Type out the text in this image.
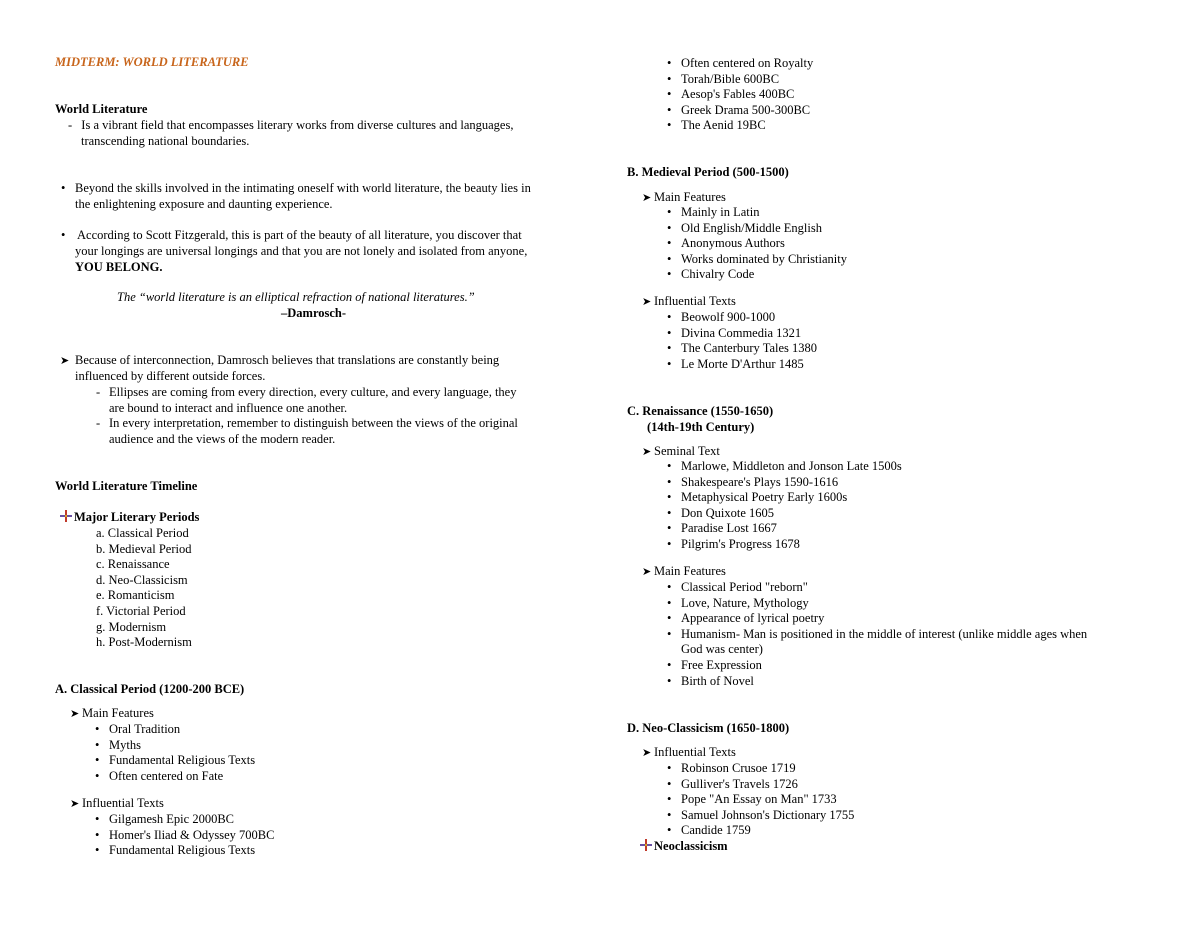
MIDTERM: WORLD LITERATURE
World Literature
- Is a vibrant field that encompasses literary works from diverse cultures and languages,
transcending national boundaries.
• Beyond the skills involved in the intimating oneself with world literature, the beauty lies in
the enlightening exposure and daunting experience.
• According to Scott Fitzgerald, this is part of the beauty of all literature, you discover that
your longings are universal longings and that you are not lonely and isolated from anyone,
YOU BELONG.
The “world literature is an elliptical refraction of national literatures.”
–Damrosch-
➤ Because of interconnection, Damrosch believes that translations are constantly being
influenced by different outside forces.
- Ellipses are coming from every direction, every culture, and every language, they
are bound to interact and influence one another.
- In every interpretation, remember to distinguish between the views of the original
audience and the views of the modern reader.
World Literature Timeline
Major Literary Periods
a. Classical Period
b. Medieval Period
c. Renaissance
d. Neo-Classicism
e. Romanticism
f. Victorial Period
g. Modernism
h. Post-Modernism
A. Classical Period (1200-200 BCE)
➤ Main Features
• Oral Tradition
• Myths
• Fundamental Religious Texts
• Often centered on Fate
➤ Influential Texts
• Gilgamesh Epic 2000BC
• Homer's Iliad & Odyssey 700BC
• Fundamental Religious Texts
• Often centered on Royalty
• Torah/Bible 600BC
• Aesop's Fables 400BC
• Greek Drama 500-300BC
• The Aenid 19BC
B. Medieval Period (500-1500)
➤ Main Features
• Mainly in Latin
• Old English/Middle English
• Anonymous Authors
• Works dominated by Christianity
• Chivalry Code
➤ Influential Texts
• Beowolf 900-1000
• Divina Commedia 1321
• The Canterbury Tales 1380
• Le Morte D'Arthur 1485
C. Renaissance (1550-1650)
(14th-19th Century)
➤ Seminal Text
• Marlowe, Middleton and Jonson Late 1500s
• Shakespeare's Plays 1590-1616
• Metaphysical Poetry Early 1600s
• Don Quixote 1605
• Paradise Lost 1667
• Pilgrim's Progress 1678
➤ Main Features
• Classical Period "reborn"
• Love, Nature, Mythology
• Appearance of lyrical poetry
• Humanism- Man is positioned in the middle of interest (unlike middle ages when
God was center)
• Free Expression
• Birth of Novel
D. Neo-Classicism (1650-1800)
➤ Influential Texts
• Robinson Crusoe 1719
• Gulliver's Travels 1726
• Pope "An Essay on Man" 1733
• Samuel Johnson's Dictionary 1755
• Candide 1759
Neoclassicism
